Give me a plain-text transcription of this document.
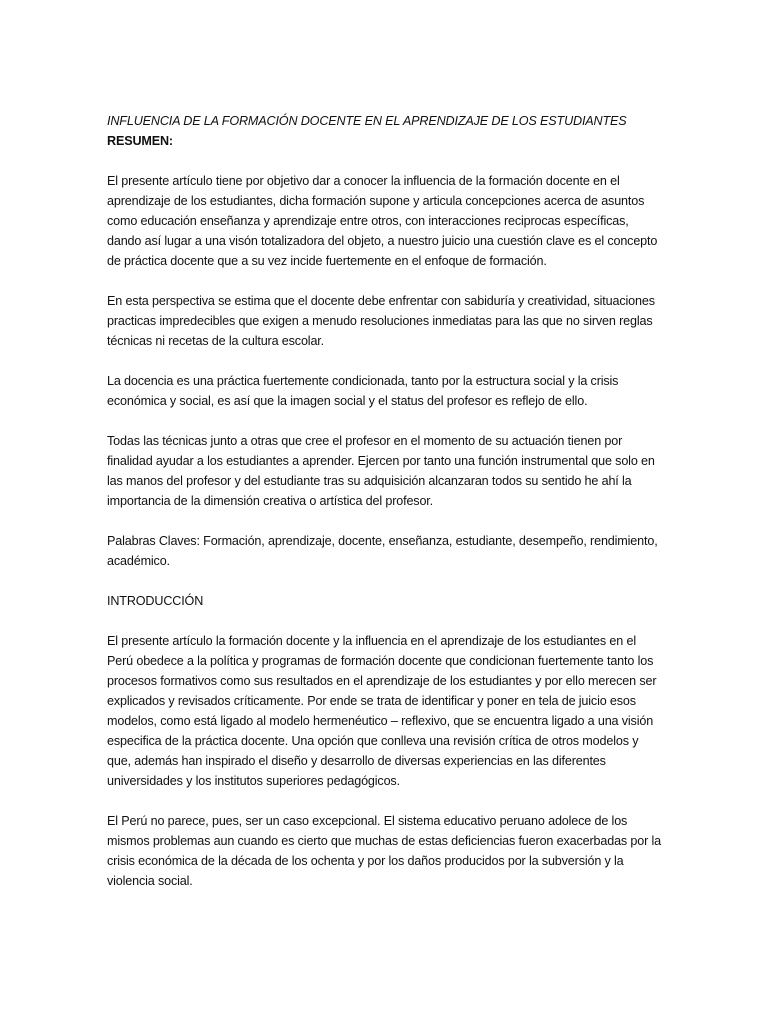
INFLUENCIA DE LA FORMACIÓN DOCENTE EN EL APRENDIZAJE DE LOS ESTUDIANTES

RESUMEN:

El presente artículo tiene por objetivo dar a conocer la influencia de la formación docente en el aprendizaje de los estudiantes, dicha formación supone y articula concepciones acerca de asuntos como educación enseñanza y aprendizaje entre otros, con interacciones reciprocas específicas, dando así lugar a una visón totalizadora del objeto, a nuestro juicio una cuestión clave es el concepto de práctica docente que a su vez incide fuertemente en el enfoque de formación.

En esta perspectiva se estima que el docente debe enfrentar con sabiduría y creatividad, situaciones practicas impredecibles que exigen a menudo resoluciones inmediatas para las que no sirven reglas técnicas ni recetas de la cultura escolar.

La docencia es una práctica fuertemente condicionada, tanto por la estructura social y la crisis económica y social, es así que la imagen social y el status del profesor es reflejo de ello.

Todas las técnicas junto a otras que cree el profesor en el momento de su actuación tienen por finalidad ayudar a los estudiantes a aprender. Ejercen por tanto una función instrumental que solo en las manos del profesor y del estudiante tras su adquisición alcanzaran todos su sentido he ahí la importancia de la dimensión creativa o artística del profesor.

Palabras Claves: Formación, aprendizaje, docente, enseñanza, estudiante, desempeño, rendimiento, académico.

INTRODUCCIÓN

El presente artículo la formación docente y la influencia en el aprendizaje de los estudiantes en el Perú obedece a la política y programas de formación docente que condicionan fuertemente tanto los procesos formativos como sus resultados en el aprendizaje de los estudiantes y por ello merecen ser explicados y revisados críticamente. Por ende se trata de identificar y poner en tela de juicio esos modelos, como está ligado al modelo hermenéutico – reflexivo, que se encuentra ligado a una visión especifica de la práctica docente. Una opción que conlleva una revisión crítica de otros modelos y que, además han inspirado el diseño y desarrollo de diversas experiencias en las diferentes universidades y los institutos superiores pedagógicos.

El Perú no parece, pues, ser un caso excepcional. El sistema educativo peruano adolece de los mismos problemas aun cuando es cierto que muchas de estas deficiencias fueron exacerbadas por la crisis económica de la década de los ochenta y por los daños producidos por la subversión y la violencia social.
